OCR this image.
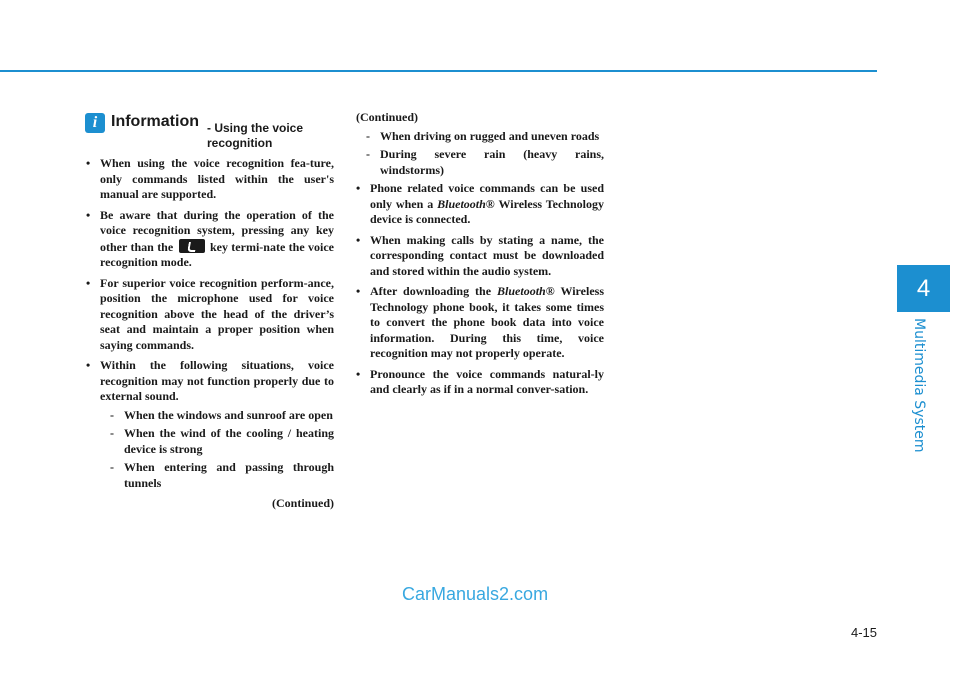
4
Multimedia System
i Information - Using the voice recognition
• When using the voice recognition fea-ture, only commands listed within the user's manual are supported.
• Be aware that during the operation of the voice recognition system, pressing any key other than the	key termi-nate the voice recognition mode.
• For superior voice recognition perform-ance, position the microphone used for voice recognition above the head of the driver’s seat and maintain a proper position when saying commands.
• Within the following situations, voice recognition may not function properly due to external sound.
- When the windows and sunroof are open
- When the wind of the cooling / heating device is strong
- When entering and passing through tunnels
(Continued)
(Continued)
- When driving on rugged and uneven roads
- During severe rain (heavy rains, windstorms)
• Phone related voice commands can be used only when a Bluetooth® Wireless Technology device is connected.
• When making calls by stating a name, the corresponding contact must be downloaded and stored within the audio system.
• After downloading the Bluetooth® Wireless Technology phone book, it takes some times to convert the phone book data into voice information. During this time, voice recognition may not properly operate.
• Pronounce the voice commands natural-ly and clearly as if in a normal conver-sation.
CarManuals2.com
4-15
